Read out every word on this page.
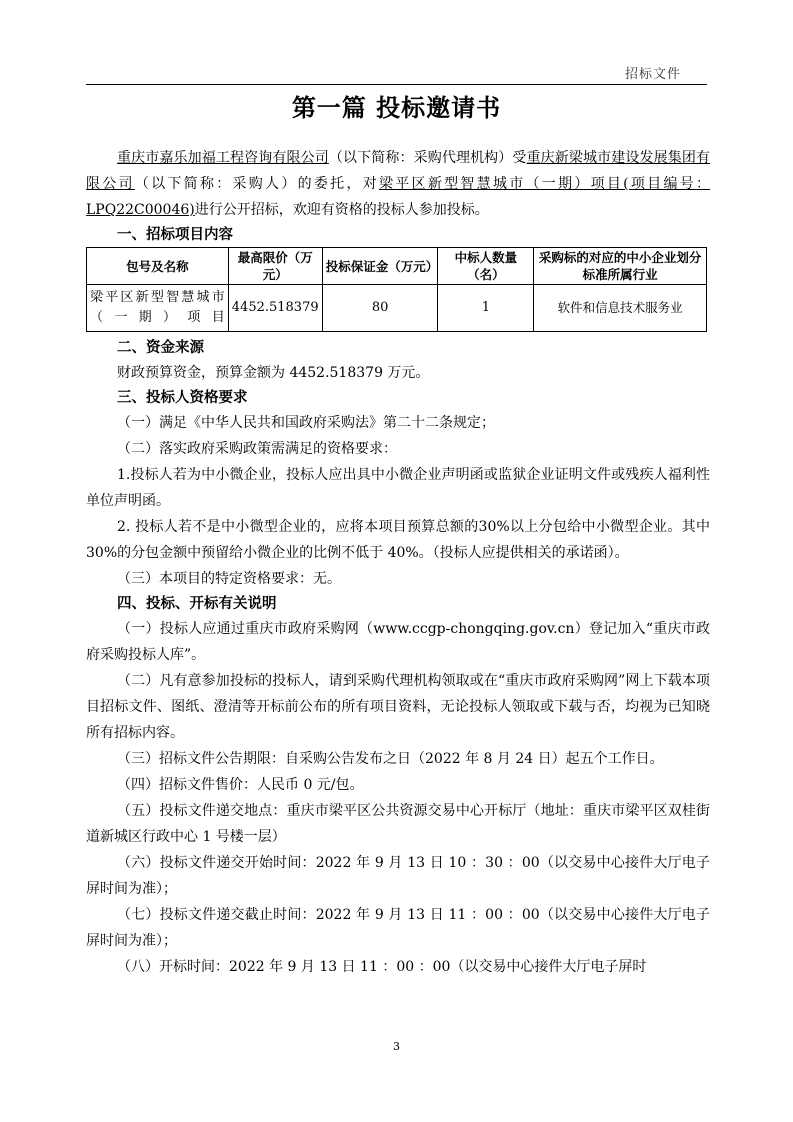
招标文件
第一篇 投标邀请书

重庆市嘉乐加福工程咨询有限公司（以下简称：采购代理机构）受重庆新梁城市建设发展集团有限公司（以下简称：采购人）的委托，对梁平区新型智慧城市（一期）项目(项目编号：LPQ22C00046)进行公开招标，欢迎有资格的投标人参加投标。

一、招标项目内容
包号及名称	最高限价（万元）	投标保证金（万元）	中标人数量（名）	采购标的对应的中小企业划分标准所属行业
梁平区新型智慧城市（一期）项目	4452.518379	80	1	软件和信息技术服务业
二、资金来源

财政预算资金，预算金额为 4452.518379 万元。

三、投标人资格要求

（一）满足《中华人民共和国政府采购法》第二十二条规定；

（二）落实政府采购政策需满足的资格要求：

1.投标人若为中小微企业，投标人应出具中小微企业声明函或监狱企业证明文件或残疾人福利性单位声明函。

2. 投标人若不是中小微型企业的，应将本项目预算总额的30%以上分包给中小微型企业。其中 30%的分包金额中预留给小微企业的比例不低于 40%。（投标人应提供相关的承诺函）。

（三）本项目的特定资格要求：无。

四、投标、开标有关说明

（一）投标人应通过重庆市政府采购网（www.ccgp-chongqing.gov.cn）登记加入“重庆市政府采购投标人库”。

（二）凡有意参加投标的投标人，请到采购代理机构领取或在“重庆市政府采购网”网上下载本项目招标文件、图纸、澄清等开标前公布的所有项目资料，无论投标人领取或下载与否，均视为已知晓所有招标内容。

（三）招标文件公告期限：自采购公告发布之日（2022 年 8 月 24 日）起五个工作日。

（四）招标文件售价：人民币 0 元/包。

（五）投标文件递交地点：重庆市梁平区公共资源交易中心开标厅（地址：重庆市梁平区双桂街道新城区行政中心 1 号楼一层）

（六）投标文件递交开始时间：2022 年 9 月 13 日 10 ：30 ：00（以交易中心接件大厅电子屏时间为准）；

（七）投标文件递交截止时间：2022 年 9 月 13 日 11 ：00 ：00（以交易中心接件大厅电子屏时间为准）；

（八）开标时间：2022 年 9 月 13 日 11 ：00 ：00（以交易中心接件大厅电子屏时

3
